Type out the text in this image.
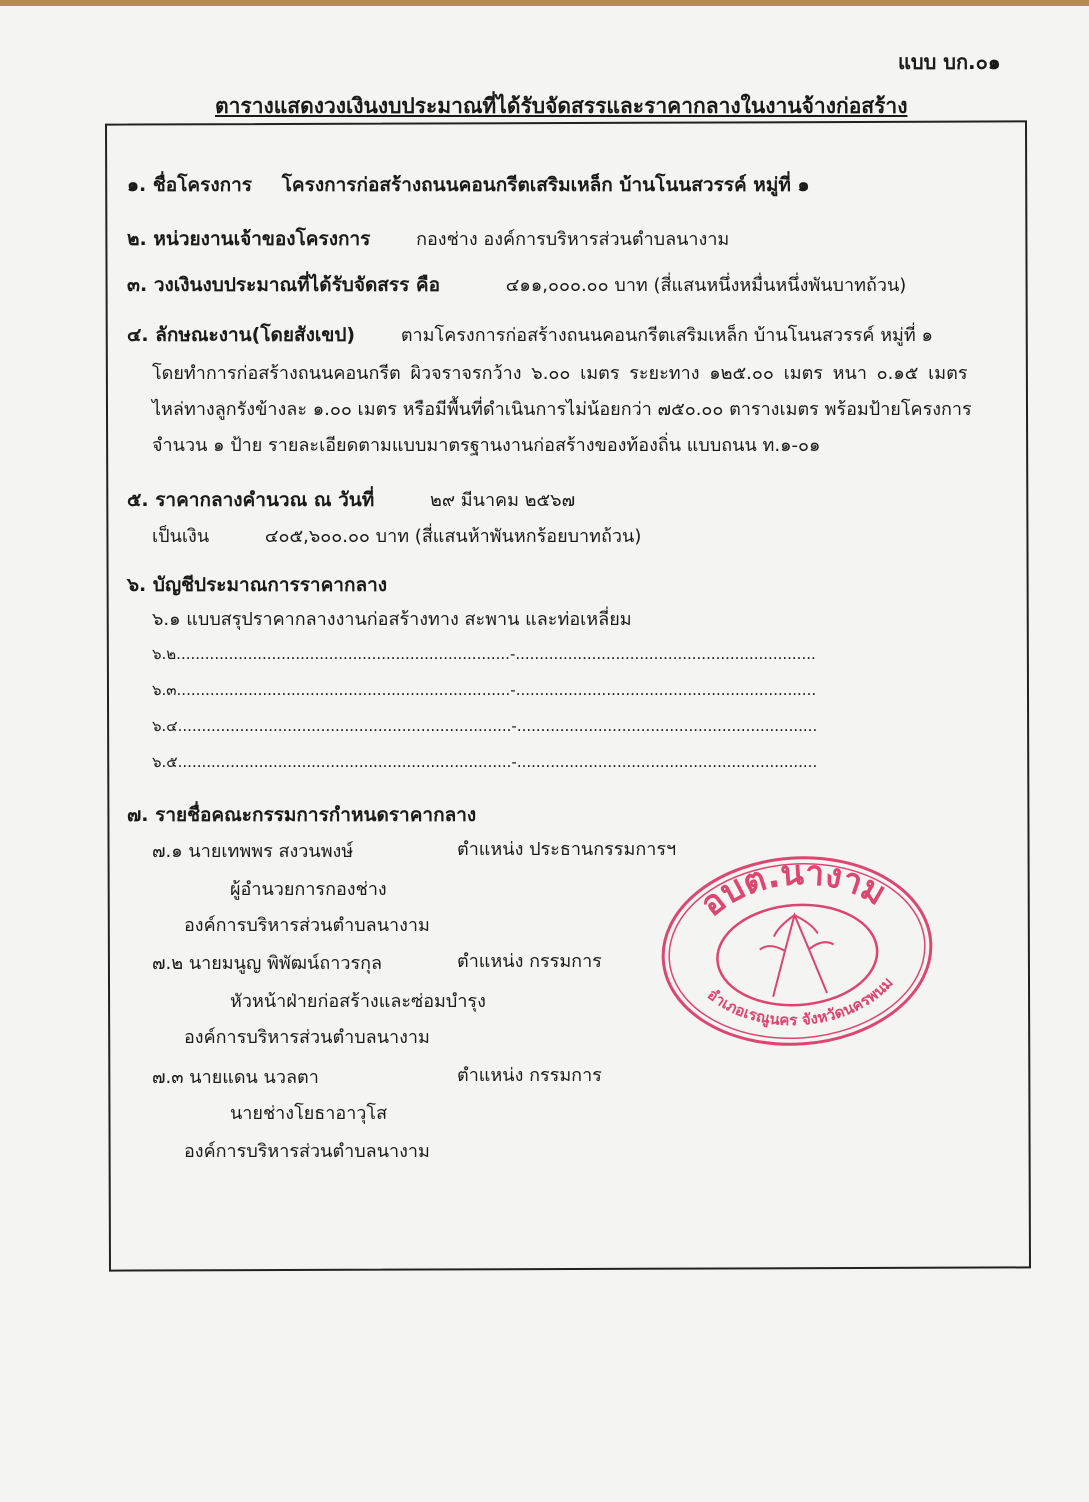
แบบ บก.๐๑
ตารางแสดงวงเงินงบประมาณที่ได้รับจัดสรรและราคากลางในงานจ้างก่อสร้าง
๑. ชื่อโครงการ โครงการก่อสร้างถนนคอนกรีตเสริมเหล็ก บ้านโนนสวรรค์ หมู่ที่ ๑
๒. หน่วยงานเจ้าของโครงการ	กองช่าง องค์การบริหารส่วนตำบลนางาม
๓. วงเงินงบประมาณที่ได้รับจัดสรร คือ	๔๑๑,๐๐๐.๐๐ บาท (สี่แสนหนึ่งหมื่นหนึ่งพันบาทถ้วน)
๔. ลักษณะงาน(โดยสังเขป)	ตามโครงการก่อสร้างถนนคอนกรีตเสริมเหล็ก บ้านโนนสวรรค์ หมู่ที่ ๑
โดยทำการก่อสร้างถนนคอนกรีต ผิวจราจรกว้าง ๖.๐๐ เมตร ระยะทาง ๑๒๕.๐๐ เมตร หนา ๐.๑๕ เมตร
ไหล่ทางลูกรังข้างละ ๑.๐๐ เมตร หรือมีพื้นที่ดำเนินการไม่น้อยกว่า ๗๕๐.๐๐ ตารางเมตร พร้อมป้ายโครงการ
จำนวน ๑ ป้าย รายละเอียดตามแบบมาตรฐานงานก่อสร้างของท้องถิ่น แบบถนน ท.๑-๐๑
๕. ราคากลางคำนวณ ณ วันที่	๒๙ มีนาคม ๒๕๖๗
เป็นเงิน	๔๐๕,๖๐๐.๐๐ บาท (สี่แสนห้าพันหกร้อยบาทถ้วน)
๖. บัญชีประมาณการราคากลาง
๖.๑ แบบสรุปราคากลางงานก่อสร้างทาง สะพาน และท่อเหลี่ยม
๖.๒......................................................................-...............................................................
๖.๓......................................................................-...............................................................
๖.๔......................................................................-...............................................................
๖.๕......................................................................-...............................................................
๗. รายชื่อคณะกรรมการกำหนดราคากลาง
๗.๑ นายเทพพร สงวนพงษ์	ตำแหน่ง ประธานกรรมการฯ
ผู้อำนวยการกองช่าง
องค์การบริหารส่วนตำบลนางาม
๗.๒ นายมนูญ พิพัฒน์ถาวรกุล	ตำแหน่ง กรรมการ
หัวหน้าฝ่ายก่อสร้างและซ่อมบำรุง
องค์การบริหารส่วนตำบลนางาม
๗.๓ นายแดน นวลตา	ตำแหน่ง กรรมการ
นายช่างโยธาอาวุโส
องค์การบริหารส่วนตำบลนางาม
อบต.นางาม
อำเภอเรณูนคร จังหวัดนครพนม
